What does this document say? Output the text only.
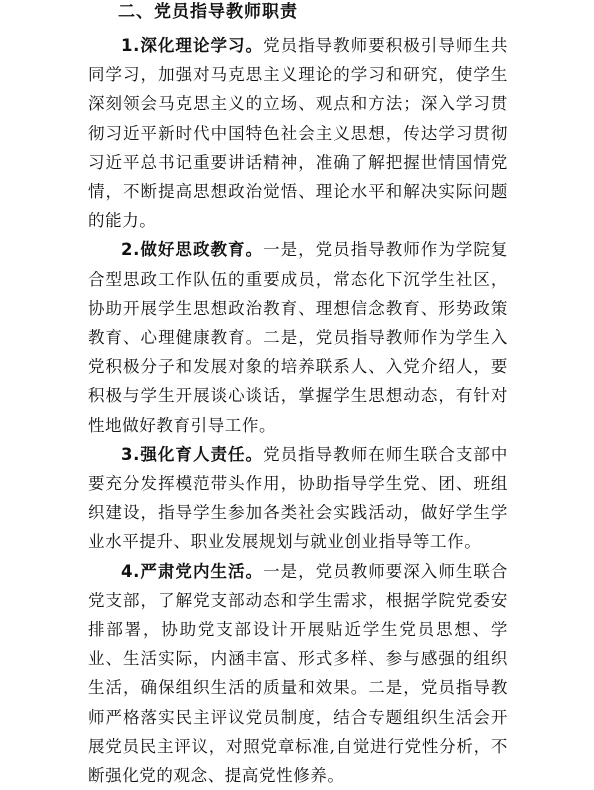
二、党员指导教师职责

1.深化理论学习。党员指导教师要积极引导师生共同学习，加强对马克思主义理论的学习和研究，使学生深刻领会马克思主义的立场、观点和方法；深入学习贯彻习近平新时代中国特色社会主义思想，传达学习贯彻习近平总书记重要讲话精神，准确了解把握世情国情党情，不断提高思想政治觉悟、理论水平和解决实际问题的能力。

2.做好思政教育。一是，党员指导教师作为学院复合型思政工作队伍的重要成员，常态化下沉学生社区，协助开展学生思想政治教育、理想信念教育、形势政策教育、心理健康教育。二是，党员指导教师作为学生入党积极分子和发展对象的培养联系人、入党介绍人，要积极与学生开展谈心谈话，掌握学生思想动态，有针对性地做好教育引导工作。

3.强化育人责任。党员指导教师在师生联合支部中要充分发挥模范带头作用，协助指导学生党、团、班组织建设，指导学生参加各类社会实践活动，做好学生学业水平提升、职业发展规划与就业创业指导等工作。

4.严肃党内生活。一是，党员教师要深入师生联合党支部，了解党支部动态和学生需求，根据学院党委安排部署，协助党支部设计开展贴近学生党员思想、学业、生活实际，内涵丰富、形式多样、参与感强的组织生活，确保组织生活的质量和效果。二是，党员指导教师严格落实民主评议党员制度，结合专题组织生活会开展党员民主评议，对照党章标准,自觉进行党性分析，不断强化党的观念、提高党性修养。
